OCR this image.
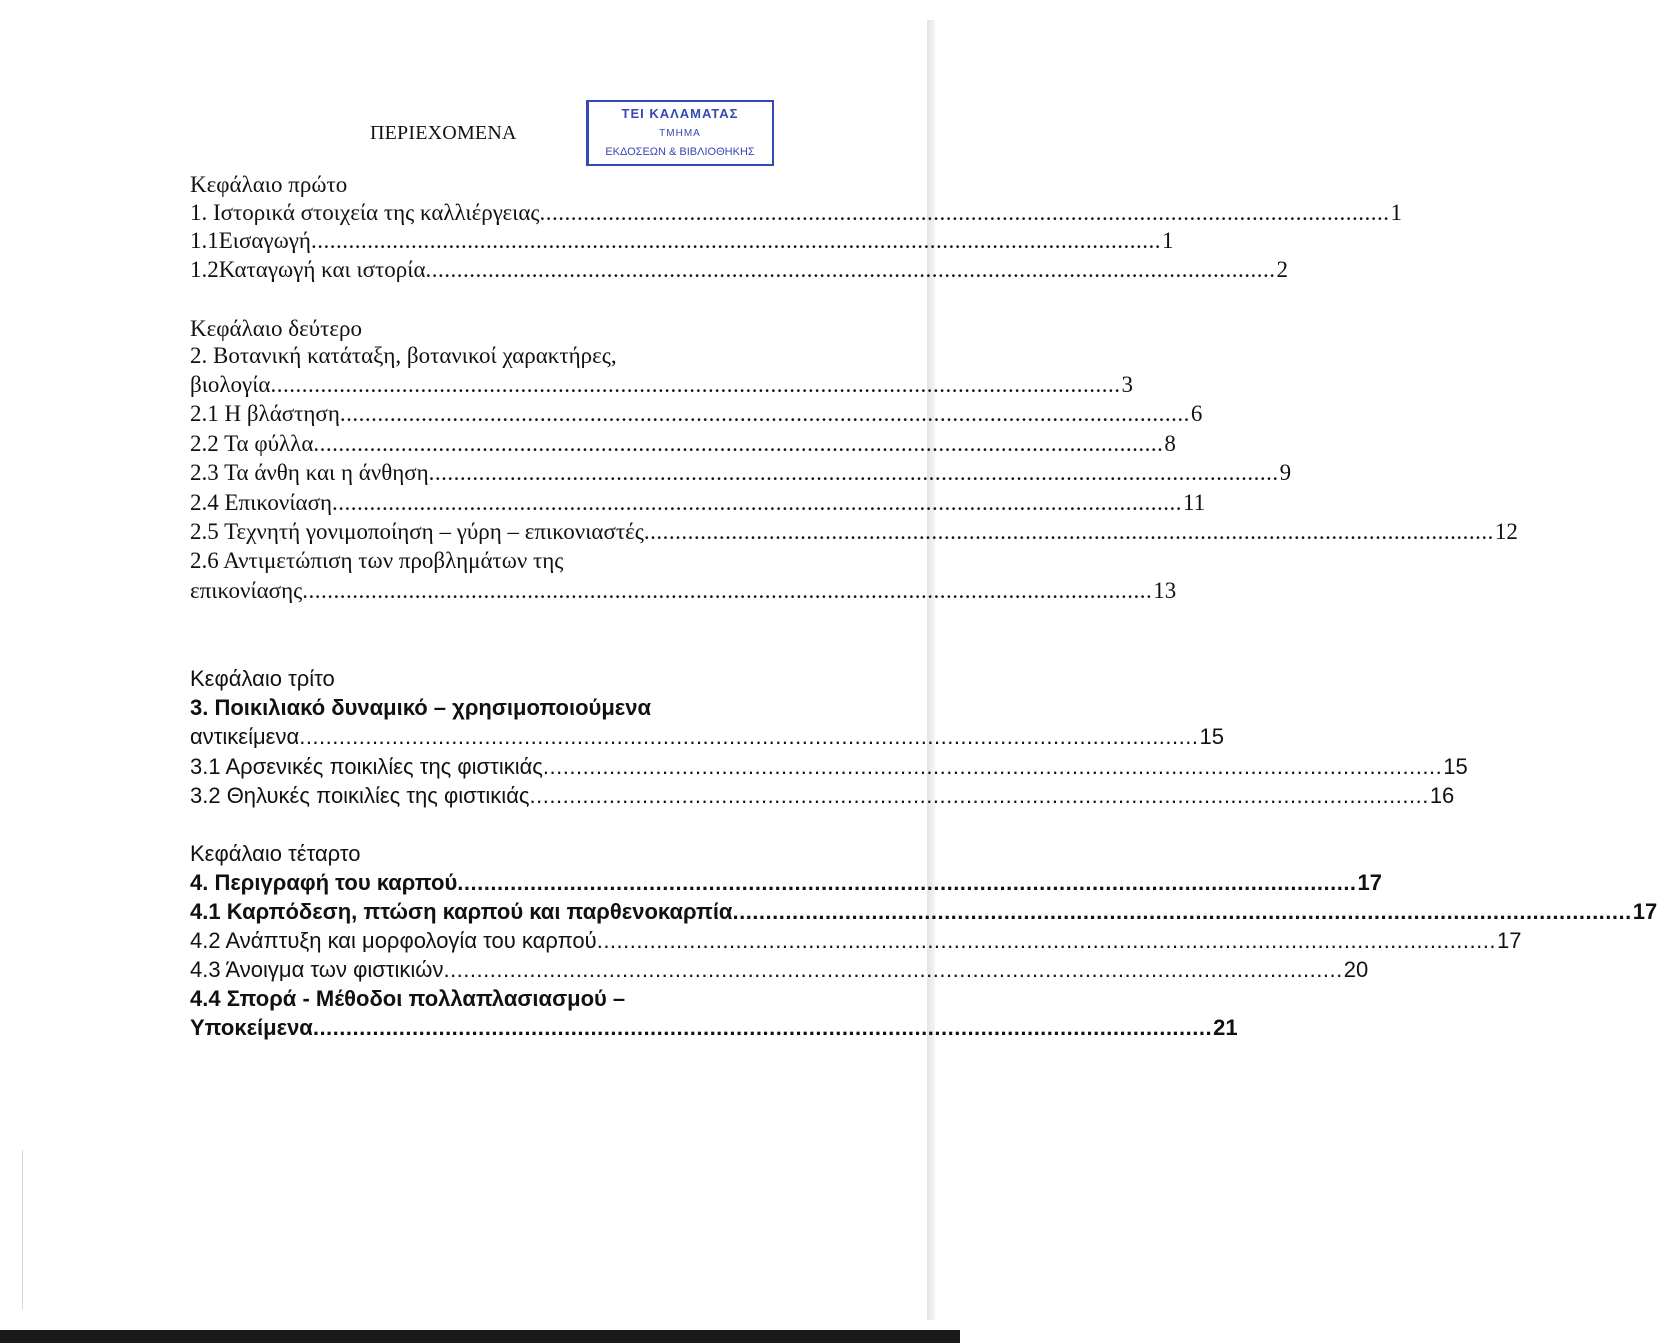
ΠΕΡΙΕΧΟΜΕΝΑ
ΤΕΙ ΚΑΛΑΜΑΤΑΣ
ΤΜΗΜΑ
ΕΚΔΟΣΕΩΝ & ΒΙΒΛΙΟΘΗΚΗΣ
Κεφάλαιο πρώτο
1. Ιστορικά στοιχεία της καλλιέργειας ........................................................................................................................................ 1
1.1Εισαγωγή ........................................................................................................................................ 1
1.2Καταγωγή και ιστορία ........................................................................................................................................ 2
Κεφάλαιο δεύτερο
2. Βοτανική κατάταξη, βοτανικοί χαρακτήρες,
βιολογία ........................................................................................................................................ 3
2.1 Η βλάστηση ........................................................................................................................................ 6
2.2 Τα φύλλα ........................................................................................................................................ 8
2.3 Τα άνθη και η άνθηση ........................................................................................................................................ 9
2.4 Επικονίαση ........................................................................................................................................ 11
2.5 Τεχνητή γονιμοποίηση – γύρη – επικονιαστές ........................................................................................................................................ 12
2.6 Αντιμετώπιση των προβλημάτων της
επικονίασης ........................................................................................................................................ 13
Κεφάλαιο τρίτο
3. Ποικιλιακό δυναμικό – χρησιμοποιούμενα
αντικείμενα ........................................................................................................................................ 15
3.1 Αρσενικές ποικιλίες της φιστικιάς ........................................................................................................................................ 15
3.2 Θηλυκές ποικιλίες της φιστικιάς ........................................................................................................................................ 16
Κεφάλαιο τέταρτο
4. Περιγραφή του καρπού ........................................................................................................................................ 17
4.1 Καρπόδεση, πτώση καρπού και παρθενοκαρπία ........................................................................................................................................ 17
4.2 Ανάπτυξη και μορφολογία του καρπού ........................................................................................................................................ 17
4.3 Άνοιγμα των φιστικιών ........................................................................................................................................ 20
4.4 Σπορά - Μέθοδοι πολλαπλασιασμού –
Υποκείμενα ........................................................................................................................................ 21
